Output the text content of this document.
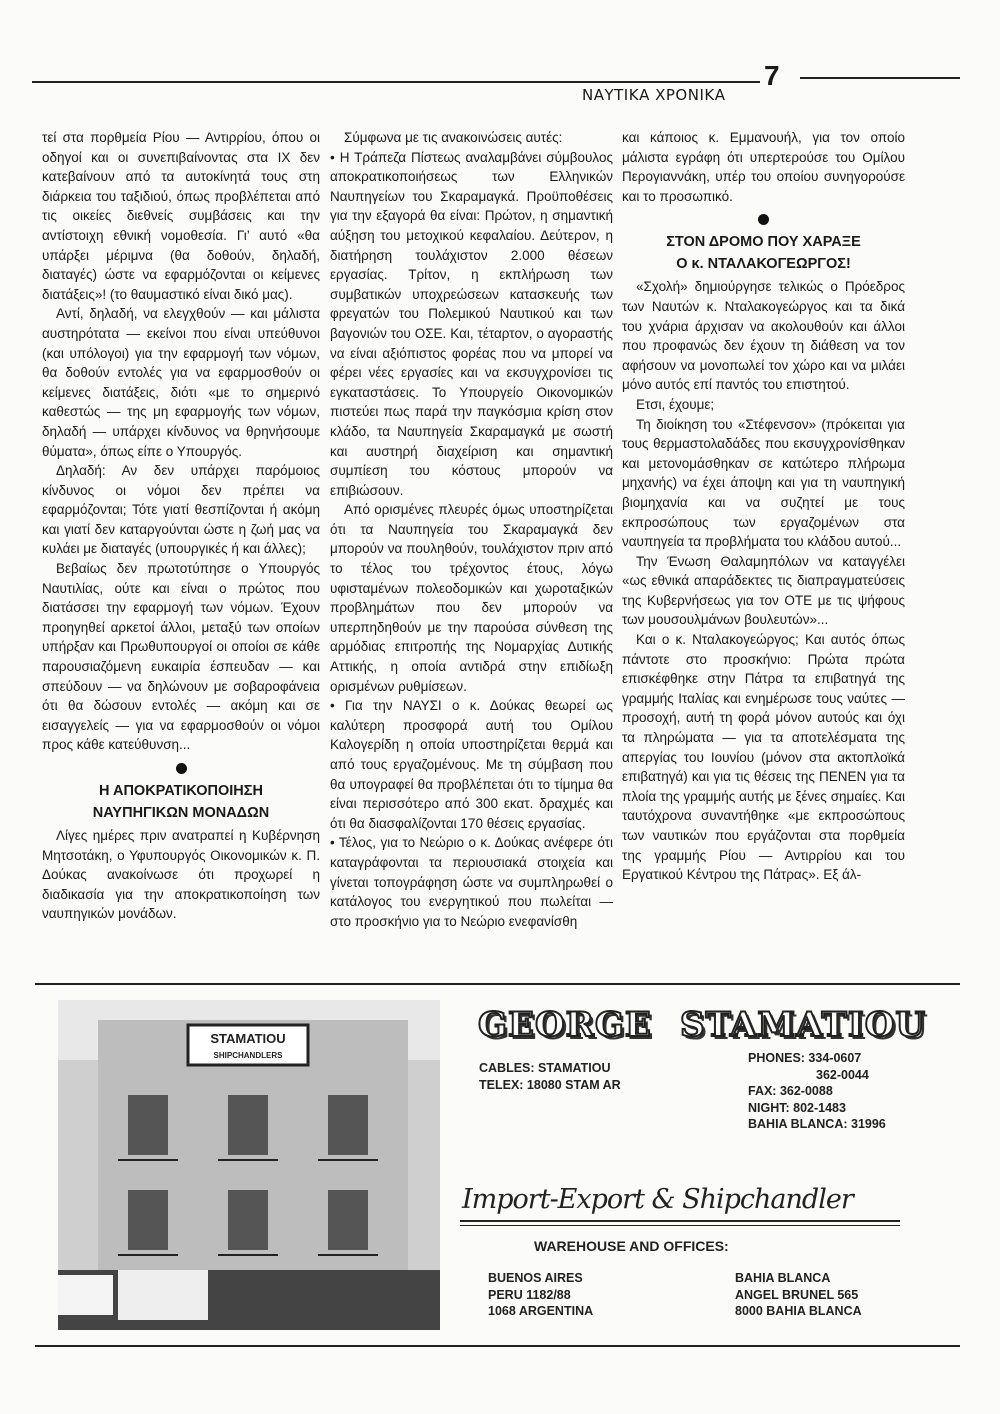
7
ΝΑΥΤΙΚΑ ΧΡΟΝΙΚΑ

τεί στα πορθμεία Ρίου — Αντιρρίου, όπου οι οδηγοί και οι συνεπιβαίνοντας στα ΙΧ δεν κατεβαίνουν από τα αυτοκίνητά τους στη διάρκεια του ταξιδιού, όπως προβλέπεται από τις οικείες διεθνείς συμβάσεις και την αντίστοιχη εθνική νομοθεσία. Γι’ αυτό «θα υπάρξει μέριμνα (θα δοθούν, δηλαδή, διαταγές) ώστε να εφαρμόζονται οι κείμενες διατάξεις»! (το θαυμαστικό είναι δικό μας).

Αντί, δηλαδή, να ελεγχθούν — και μάλιστα αυστηρότατα — εκείνοι που είναι υπεύθυνοι (και υπόλογοι) για την εφαρμογή των νόμων, θα δοθούν εντολές για να εφαρμοσθούν οι κείμενες διατάξεις, διότι «με το σημερινό καθεστώς — της μη εφαρμογής των νόμων, δηλαδή — υπάρχει κίνδυνος να θρηνήσουμε θύματα», όπως είπε ο Υπουργός.

Δηλαδή: Αν δεν υπάρχει παρόμοιος κίνδυνος οι νόμοι δεν πρέπει να εφαρμόζονται; Τότε γιατί θεσπίζονται ή ακόμη και γιατί δεν καταργούνται ώστε η ζωή μας να κυλάει με διαταγές (υπουργικές ή και άλλες);

Βεβαίως δεν πρωτοτύπησε ο Υπουργός Ναυτιλίας, ούτε και είναι ο πρώτος που διατάσσει την εφαρμογή των νόμων. Έχουν προηγηθεί αρκετοί άλλοι, μεταξύ των οποίων υπήρξαν και Πρωθυπουργοί οι οποίοι σε κάθε παρουσιαζόμενη ευκαιρία έσπευδαν — και σπεύδουν — να δηλώνουν με σοβαροφάνεια ότι θα δώσουν εντολές — ακόμη και σε εισαγγελείς — για να εφαρμοσθούν οι νόμοι προς κάθε κατεύθυνση...

Η ΑΠΟΚΡΑΤΙΚΟΠΟΙΗΣΗ
ΝΑΥΠΗΓΙΚΩΝ ΜΟΝΑΔΩΝ

Λίγες ημέρες πριν ανατραπεί η Κυβέρνηση Μητσοτάκη, ο Υφυπουργός Οικονομικών κ. Π. Δούκας ανακοίνωσε ότι προχωρεί η διαδικασία για την αποκρατικοποίηση των ναυπηγικών μονάδων.

Σύμφωνα με τις ανακοινώσεις αυτές:

• Η Τράπεζα Πίστεως αναλαμβάνει σύμβουλος αποκρατικοποιήσεως των Ελληνικών Ναυπηγείων του Σκαραμαγκά. Προϋποθέσεις για την εξαγορά θα είναι: Πρώτον, η σημαντική αύξηση του μετοχικού κεφαλαίου. Δεύτερον, η διατήρηση τουλάχιστον 2.000 θέσεων εργασίας. Τρίτον, η εκπλήρωση των συμβατικών υποχρεώσεων κατασκευής των φρεγατών του Πολεμικού Ναυτικού και των βαγονιών του ΟΣΕ. Και, τέταρτον, ο αγοραστής να είναι αξιόπιστος φορέας που να μπορεί να φέρει νέες εργασίες και να εκσυγχρονίσει τις εγκαταστάσεις. Το Υπουργείο Οικονομικών πιστεύει πως παρά την παγκόσμια κρίση στον κλάδο, τα Ναυπηγεία Σκαραμαγκά με σωστή και αυστηρή διαχείριση και σημαντική συμπίεση του κόστους μπορούν να επιβιώσουν.

Από ορισμένες πλευρές όμως υποστηρίζεται ότι τα Ναυπηγεία του Σκαραμαγκά δεν μπορούν να πουληθούν, τουλάχιστον πριν από το τέλος του τρέχοντος έτους, λόγω υφισταμένων πολεοδομικών και χωροταξικών προβλημάτων που δεν μπορούν να υπερπηδηθούν με την παρούσα σύνθεση της αρμόδιας επιτροπής της Νομαρχίας Δυτικής Αττικής, η οποία αντιδρά στην επιδίωξη ορισμένων ρυθμίσεων.

• Για την ΝΑΥΣΙ ο κ. Δούκας θεωρεί ως καλύτερη προσφορά αυτή του Ομίλου Καλογερίδη η οποία υποστηρίζεται θερμά και από τους εργαζομένους. Με τη σύμβαση που θα υπογραφεί θα προβλέπεται ότι το τίμημα θα είναι περισσότερο από 300 εκατ. δραχμές και ότι θα διασφαλίζονται 170 θέσεις εργασίας.

• Τέλος, για το Νεώριο ο κ. Δούκας ανέφερε ότι καταγράφονται τα περιουσιακά στοιχεία και γίνεται τοπογράφηση ώστε να συμπληρωθεί ο κατάλογος του ενεργητικού που πωλείται — στο προσκήνιο για το Νεώριο ενεφανίσθη

και κάποιος κ. Εμμανουήλ, για τον οποίο μάλιστα εγράφη ότι υπερτερούσε του Ομίλου Περογιαννάκη, υπέρ του οποίου συνηγορούσε και το προσωπικό.

ΣΤΟΝ ΔΡΟΜΟ ΠΟΥ ΧΑΡΑΞΕ
Ο κ. ΝΤΑΛΑΚΟΓΕΩΡΓΟΣ!

«Σχολή» δημιούργησε τελικώς ο Πρόεδρος των Ναυτών κ. Νταλακογεώργος και τα δικά του χνάρια άρχισαν να ακολουθούν και άλλοι που προφανώς δεν έχουν τη διάθεση να τον αφήσουν να μονοπωλεί τον χώρο και να μιλάει μόνο αυτός επί παντός του επιστητού.

Ετσι, έχουμε;

Τη διοίκηση του «Στέφενσον» (πρόκειται για τους θερμαστολαδάδες που εκσυγχρονίσθηκαν και μετονομάσθηκαν σε κατώτερο πλήρωμα μηχανής) να έχει άποψη και για τη ναυπηγική βιομηχανία και να συζητεί με τους εκπροσώπους των εργαζομένων στα ναυπηγεία τα προβλήματα του κλάδου αυτού...

Την Ένωση Θαλαμηπόλων να καταγγέλει «ως εθνικά απαράδεκτες τις διαπραγματεύσεις της Κυβερνήσεως για τον ΟΤΕ με τις ψήφους των μουσουλμάνων βουλευτών»...

Και ο κ. Νταλακογεώργος; Και αυτός όπως πάντοτε στο προσκήνιο: Πρώτα πρώτα επισκέφθηκε στην Πάτρα τα επιβατηγά της γραμμής Ιταλίας και ενημέρωσε τους ναύτες — προσοχή, αυτή τη φορά μόνον αυτούς και όχι τα πληρώματα — για τα αποτελέσματα της απεργίας του Ιουνίου (μόνον στα ακτοπλοϊκά επιβατηγά) και για τις θέσεις της ΠΕΝΕΝ για τα πλοία της γραμμής αυτής με ξένες σημαίες. Και ταυτόχρονα συναντήθηκε «με εκπροσώπους των ναυτικών που εργάζονται στα πορθμεία της γραμμής Ρίου — Αντιρρίου και του Εργατικού Κέντρου της Πάτρας». Εξ άλ-

STAMATIOU
SHIPCHANDLERS
GEORGE STAMATIOU
CABLES: STAMATIOU
TELEX: 18080 STAM AR
PHONES: 334-0607
362-0044
FAX: 362-0088
NIGHT: 802-1483
BAHIA BLANCA: 31996
Import-Export & Shipchandler
WAREHOUSE AND OFFICES:
BUENOS AIRES
PERU 1182/88
1068 ARGENTINA
BAHIA BLANCA
ANGEL BRUNEL 565
8000 BAHIA BLANCA
